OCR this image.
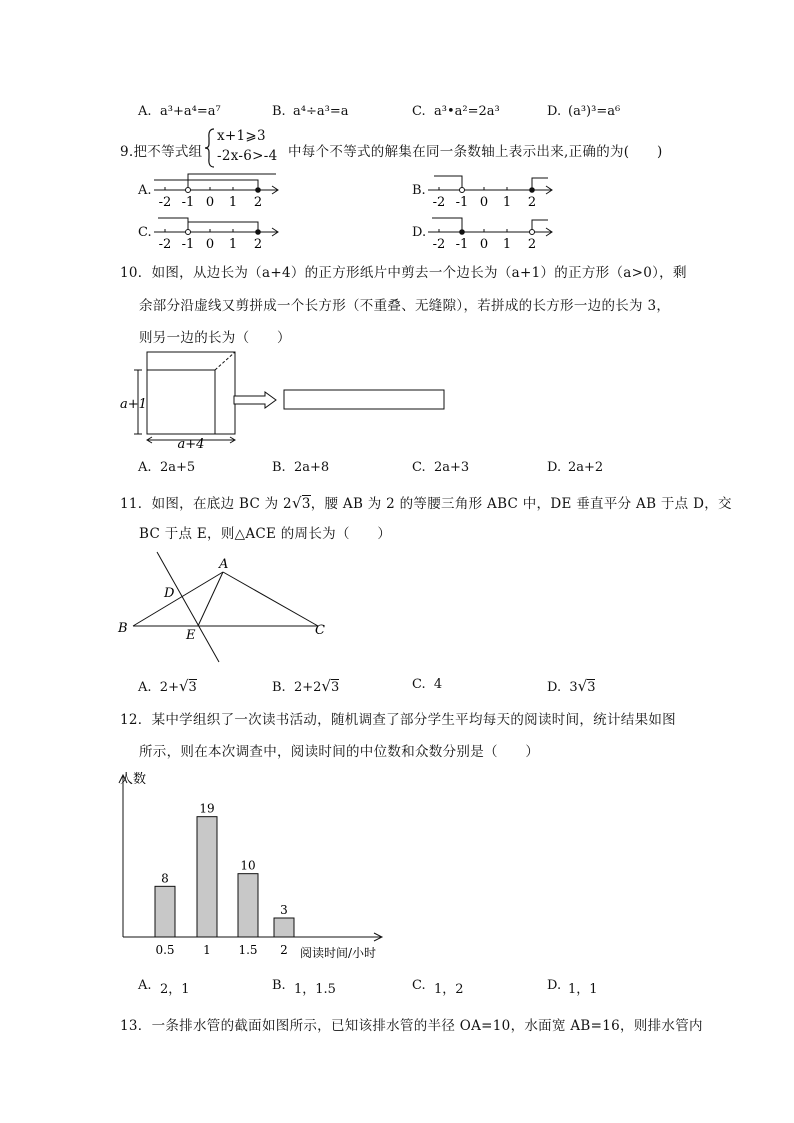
A. a³+a⁴=a⁷	B. a⁴÷a³=a	C. a³•a²=2a³	D. (a³)³=a⁶
9.把不等式组
x+1⩾3
-2x-6>-4 中每个不等式的解集在同一条数轴上表示出来,正确的为(　　)
A.	B.
C.	D.
-2 -1 0 1 2	-2 -1 0 1 2
-2 -1 0 1 2	-2 -1 0 1 2
10．如图，从边长为（a+4）的正方形纸片中剪去一个边长为（a+1）的正方形（a>0），剩
余部分沿虚线又剪拼成一个长方形（不重叠、无缝隙），若拼成的长方形一边的长为 3，
则另一边的长为（　　）
a+1
a+4
A. 2a+5	B. 2a+8	C. 2a+3	D. 2a+2
11．如图，在底边 BC 为 2√3，腰 AB 为 2 的等腰三角形 ABC 中，DE 垂直平分 AB 于点 D，交
BC 于点 E，则△ACE 的周长为（　　）
A
B	C
D
E
A. 2+√3	B. 2+2√3	C. 4	D. 3√3
12．某中学组织了一次读书活动，随机调查了部分学生平均每天的阅读时间，统计结果如图
所示，则在本次调查中，阅读时间的中位数和众数分别是（　　）
人数
阅读时间/小时
8
0.5
19
1
10
1.5
3
2
A. 2，1	B. 1，1.5	C. 1，2	D. 1，1
13．一条排水管的截面如图所示，已知该排水管的半径 OA=10，水面宽 AB=16，则排水管内
